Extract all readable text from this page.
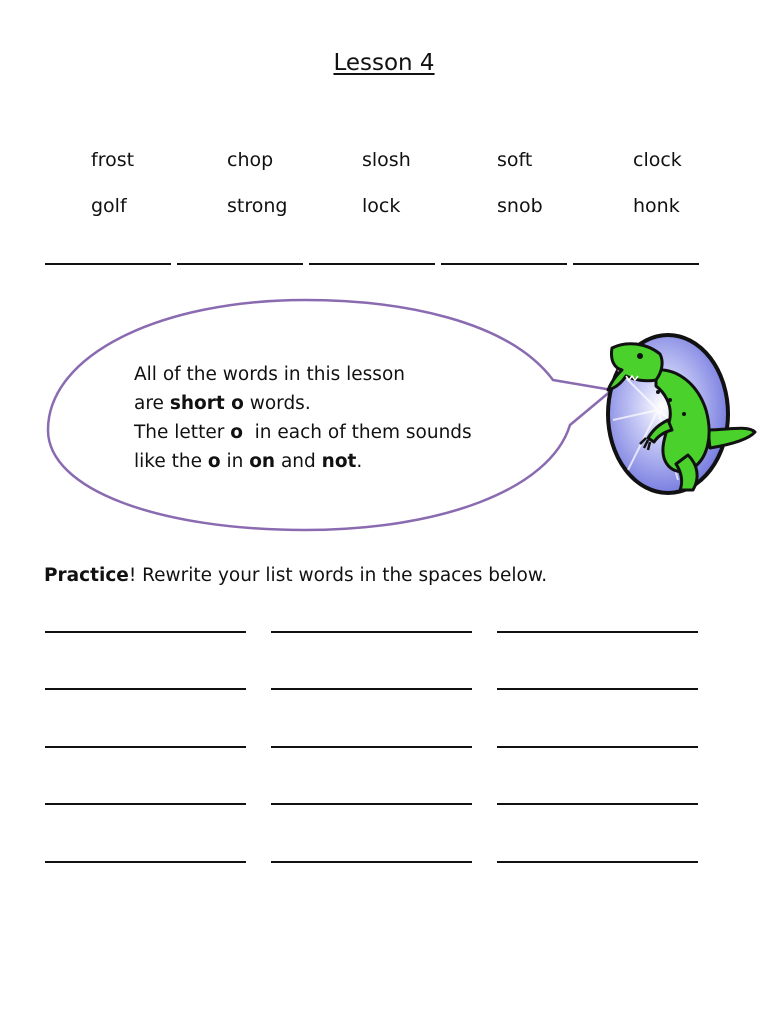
Lesson 4
frost	chop	slosh	soft	clock
golf	strong	lock	snob	honk
All of the words in this lesson
are short o words.
The letter o  in each of them sounds
like the o in on and not.
Practice! Rewrite your list words in the spaces below.
